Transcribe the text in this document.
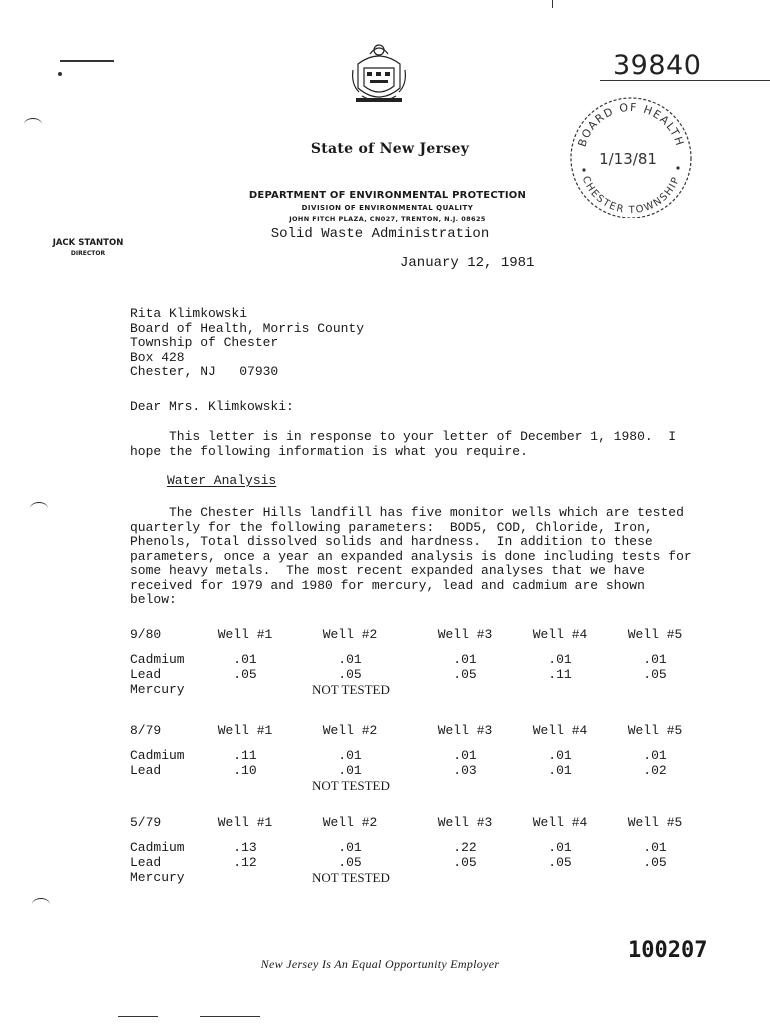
State of New Jersey
DEPARTMENT OF ENVIRONMENTAL PROTECTION
DIVISION OF ENVIRONMENTAL QUALITY
JOHN FITCH PLAZA, CN027, TRENTON, N.J. 08625
Solid Waste Administration
JACK STANTON
DIRECTOR
39840
BOARD OF HEALTH
CHESTER TOWNSHIP
1/13/81
January 12, 1981
Rita Klimkowski
Board of Health, Morris County
Township of Chester
Box 428
Chester, NJ   07930
Dear Mrs. Klimkowski:
This letter is in response to your letter of December 1, 1980.  I
hope the following information is what you require.
Water Analysis
The Chester Hills landfill has five monitor wells which are tested
quarterly for the following parameters:  BOD5, COD, Chloride, Iron,
Phenols, Total dissolved solids and hardness.  In addition to these
parameters, once a year an expanded analysis is done including tests for
some heavy metals.  The most recent expanded analyses that we have
received for 1979 and 1980 for mercury, lead and cadmium are shown
below:
9/80	Well #1	Well #2	Well #3	Well #4	Well #5
Cadmium	.01	.01	.01	.01	.01
Lead	.05	.05	.05	.11	.05
Mercury	NOT TESTED
8/79	Well #1	Well #2	Well #3	Well #4	Well #5
Cadmium	.11	.01	.01	.01	.01
Lead	.10	.01	.03	.01	.02
NOT TESTED
5/79	Well #1	Well #2	Well #3	Well #4	Well #5
Cadmium	.13	.01	.22	.01	.01
Lead	.12	.05	.05	.05	.05
Mercury	NOT TESTED
New Jersey Is An Equal Opportunity Employer
100207
